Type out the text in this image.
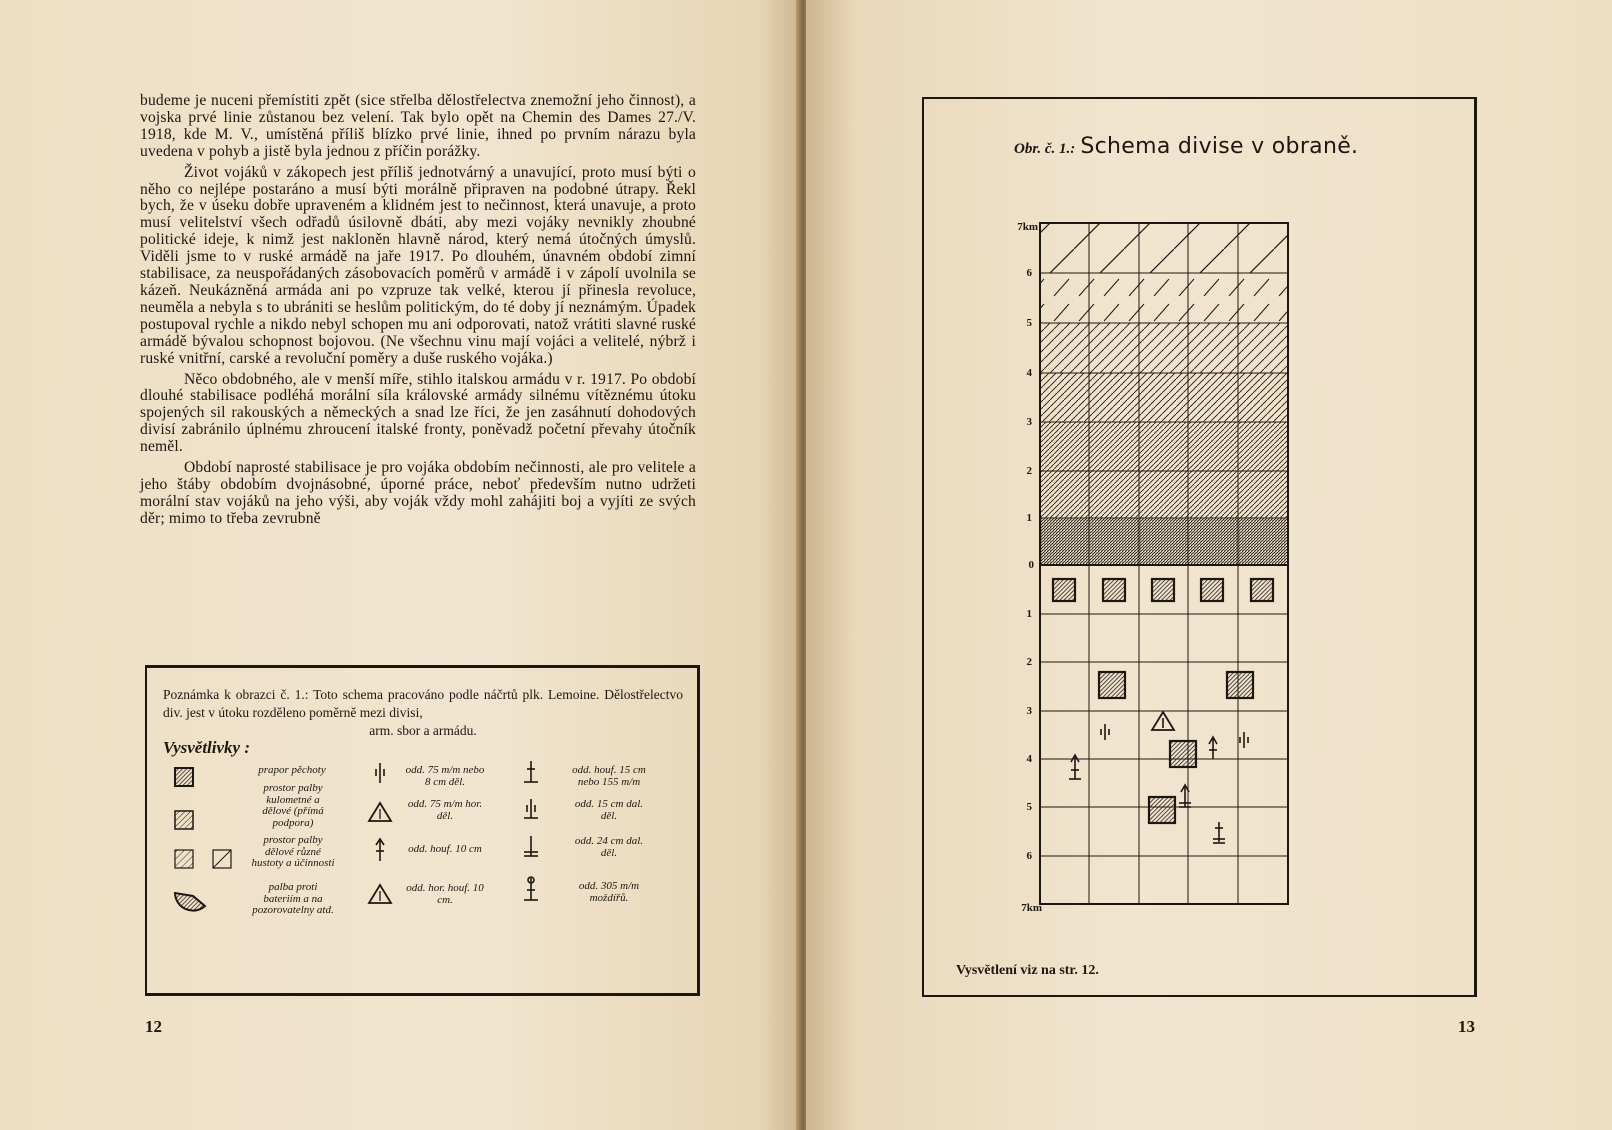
budeme je nuceni přemístiti zpět (sice střelba dělostřelectva znemožní jeho činnost), a vojska prvé linie zůstanou bez velení. Tak bylo opět na Chemin des Dames 27./V. 1918, kde M. V., umístěná příliš blízko prvé linie, ihned po prvním nárazu byla uvedena v pohyb a jistě byla jednou z příčin porážky.

Život vojáků v zákopech jest příliš jednotvárný a unavující, proto musí býti o něho co nejlépe postaráno a musí býti morálně připraven na podobné útrapy. Řekl bych, že v úseku dobře upraveném a klidném jest to nečinnost, která unavuje, a proto musí velitelství všech odřadů úsilovně dbáti, aby mezi vojáky nevnikly zhoubné politické ideje, k nimž jest nakloněn hlavně národ, který nemá útočných úmyslů. Viděli jsme to v ruské armádě na jaře 1917. Po dlouhém, únavném období zimní stabilisace, za neuspořádaných zásobovacích poměrů v armádě i v zápolí uvolnila se kázeň. Neukázněná armáda ani po vzpruze tak velké, kterou jí přinesla revoluce, neuměla a nebyla s to ubrániti se heslům politickým, do té doby jí neznámým. Úpadek postupoval rychle a nikdo nebyl schopen mu ani odporovati, natož vrátiti slavné ruské armádě bývalou schopnost bojovou. (Ne všechnu vinu mají vojáci a velitelé, nýbrž i ruské vnitřní, carské a revoluční poměry a duše ruského vojáka.)

Něco obdobného, ale v menší míře, stihlo italskou armádu v r. 1917. Po období dlouhé stabilisace podléhá morální síla královské armády silnému vítěznému útoku spojených sil rakouských a německých a snad lze říci, že jen zasáhnutí dohodových divisí zabránilo úplnému zhroucení italské fronty, poněvadž početní převahy útočník neměl.

Období naprosté stabilisace je pro vojáka obdobím nečinnosti, ale pro velitele a jeho štáby obdobím dvojnásobné, úporné práce, neboť především nutno udržeti morální stav vojáků na jeho výši, aby voják vždy mohl zahájiti boj a vyjíti ze svých děr; mimo to třeba zevrubně

Poznámka k obrazci č. 1.: Toto schema pracováno podle náčrtů plk. Lemoine. Dělostřelectvo div. jest v útoku rozděleno poměrně mezi divisi,
arm. sbor a armádu.
Vysvětlivky :
prapor pěchoty
prostor palby kulometné a dělové (přímá podpora)
prostor palby dělové různé hustoty a účinnosti
palba proti bateriím a na pozorovatelny atd.
odd. 75 m/m nebo 8 cm děl.
odd. 75 m/m hor. děl.
odd. houf. 10 cm
odd. hor. houf. 10 cm.
odd. houf. 15 cm nebo 155 m/m
odd. 15 cm dal. děl.
odd. 24 cm dal. děl.
odd. 305 m/m moždířů.
12	13
Obr. č. 1.: Schema divise v obraně.
7km
6
5
4
3
2
1
0
1
2
3
4
5
6
7km
Vysvětlení viz na str. 12.
